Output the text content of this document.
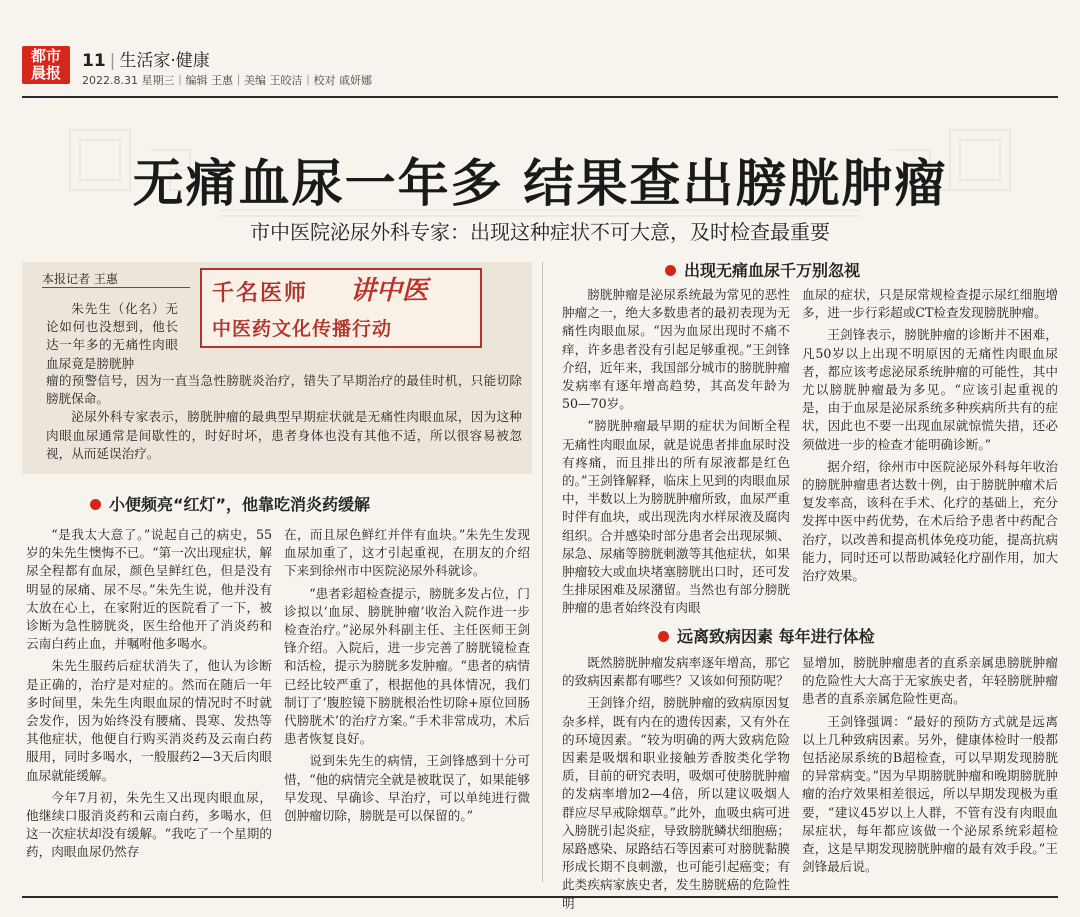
都市
晨报
11 | 生活家·健康
2022.8.31 星期三｜编辑 王惠｜美编 王皎洁｜校对 戚妍娜
无痛血尿一年多 结果查出膀胱肿瘤
市中医院泌尿外科专家：出现这种症状不可大意，及时检查最重要
本报记者 王惠
千名医师 讲中医
中医药文化传播行动

朱先生（化名）无论如何也没想到，他长达一年多的无痛性肉眼血尿竟是膀胱肿

瘤的预警信号，因为一直当急性膀胱炎治疗，错失了早期治疗的最佳时机，只能切除膀胱保命。

泌尿外科专家表示，膀胱肿瘤的最典型早期症状就是无痛性肉眼血尿，因为这种肉眼血尿通常是间歇性的，时好时坏，患者身体也没有其他不适，所以很容易被忽视，从而延误治疗。

小便频亮“红灯”，他靠吃消炎药缓解
出现无痛血尿千万别忽视
远离致病因素 每年进行体检

“是我太大意了。”说起自己的病史，55岁的朱先生懊悔不已。“第一次出现症状，解尿全程都有血尿，颜色呈鲜红色，但是没有明显的尿痛、尿不尽。”朱先生说，他并没有太放在心上，在家附近的医院看了一下，被诊断为急性膀胱炎，医生给他开了消炎药和云南白药止血，并嘱咐他多喝水。

朱先生服药后症状消失了，他认为诊断是正确的，治疗是对症的。然而在随后一年多时间里，朱先生肉眼血尿的情况时不时就会发作，因为始终没有腰痛、畏寒、发热等其他症状，他便自行购买消炎药及云南白药服用，同时多喝水，一般服药2—3天后肉眼血尿就能缓解。

今年7月初，朱先生又出现肉眼血尿，他继续口服消炎药和云南白药，多喝水，但这一次症状却没有缓解。“我吃了一个星期的药，肉眼血尿仍然存

在，而且尿色鲜红并伴有血块。”朱先生发现血尿加重了，这才引起重视，在朋友的介绍下来到徐州市中医院泌尿外科就诊。

“患者彩超检查提示，膀胱多发占位，门诊拟以‘血尿、膀胱肿瘤’收治入院作进一步检查治疗。”泌尿外科副主任、主任医师王剑锋介绍。入院后，进一步完善了膀胱镜检查和活检，提示为膀胱多发肿瘤。“患者的病情已经比较严重了，根据他的具体情况，我们制订了‘腹腔镜下膀胱根治性切除+原位回肠代膀胱术’的治疗方案。”手术非常成功，术后患者恢复良好。

说到朱先生的病情，王剑锋感到十分可惜，“他的病情完全就是被耽误了，如果能够早发现、早确诊、早治疗，可以单纯进行微创肿瘤切除，膀胱是可以保留的。”

膀胱肿瘤是泌尿系统最为常见的恶性肿瘤之一，绝大多数患者的最初表现为无痛性肉眼血尿。“因为血尿出现时不痛不痒，许多患者没有引起足够重视。”王剑锋介绍，近年来，我国部分城市的膀胱肿瘤发病率有逐年增高趋势，其高发年龄为50—70岁。

“膀胱肿瘤最早期的症状为间断全程无痛性肉眼血尿，就是说患者排血尿时没有疼痛，而且排出的所有尿液都是红色的。”王剑锋解释，临床上见到的肉眼血尿中，半数以上为膀胱肿瘤所致，血尿严重时伴有血块，或出现洗肉水样尿液及腐肉组织。合并感染时部分患者会出现尿频、尿急、尿痛等膀胱刺激等其他症状，如果肿瘤较大或血块堵塞膀胱出口时，还可发生排尿困难及尿潴留。当然也有部分膀胱肿瘤的患者始终没有肉眼

血尿的症状，只是尿常规检查提示尿红细胞增多，进一步行彩超或CT检查发现膀胱肿瘤。

王剑锋表示，膀胱肿瘤的诊断并不困难，凡50岁以上出现不明原因的无痛性肉眼血尿者，都应该考虑泌尿系统肿瘤的可能性，其中尤以膀胱肿瘤最为多见。“应该引起重视的是，由于血尿是泌尿系统多种疾病所共有的症状，因此也不要一出现血尿就惊慌失措，还必须做进一步的检查才能明确诊断。”

据介绍，徐州市中医院泌尿外科每年收治的膀胱肿瘤患者达数十例，由于膀胱肿瘤术后复发率高，该科在手术、化疗的基础上，充分发挥中医中药优势，在术后给予患者中药配合治疗，以改善和提高机体免疫功能，提高抗病能力，同时还可以帮助减轻化疗副作用，加大治疗效果。

既然膀胱肿瘤发病率逐年增高，那它的致病因素都有哪些？又该如何预防呢？

王剑锋介绍，膀胱肿瘤的致病原因复杂多样，既有内在的遗传因素，又有外在的环境因素。“较为明确的两大致病危险因素是吸烟和职业接触芳香胺类化学物质，目前的研究表明，吸烟可使膀胱肿瘤的发病率增加2—4倍，所以建议吸烟人群应尽早戒除烟草。”此外，血吸虫病可进入膀胱引起炎症，导致膀胱鳞状细胞癌；尿路感染、尿路结石等因素可对膀胱黏膜形成长期不良刺激，也可能引起癌变；有此类疾病家族史者，发生膀胱癌的危险性明

显增加，膀胱肿瘤患者的直系亲属患膀胱肿瘤的危险性大大高于无家族史者，年轻膀胱肿瘤患者的直系亲属危险性更高。

王剑锋强调：“最好的预防方式就是远离以上几种致病因素。另外，健康体检时一般都包括泌尿系统的B超检查，可以早期发现膀胱的异常病变。”因为早期膀胱肿瘤和晚期膀胱肿瘤的治疗效果相差很远，所以早期发现极为重要，“建议45岁以上人群，不管有没有肉眼血尿症状，每年都应该做一个泌尿系统彩超检查，这是早期发现膀胱肿瘤的最有效手段。”王剑锋最后说。
